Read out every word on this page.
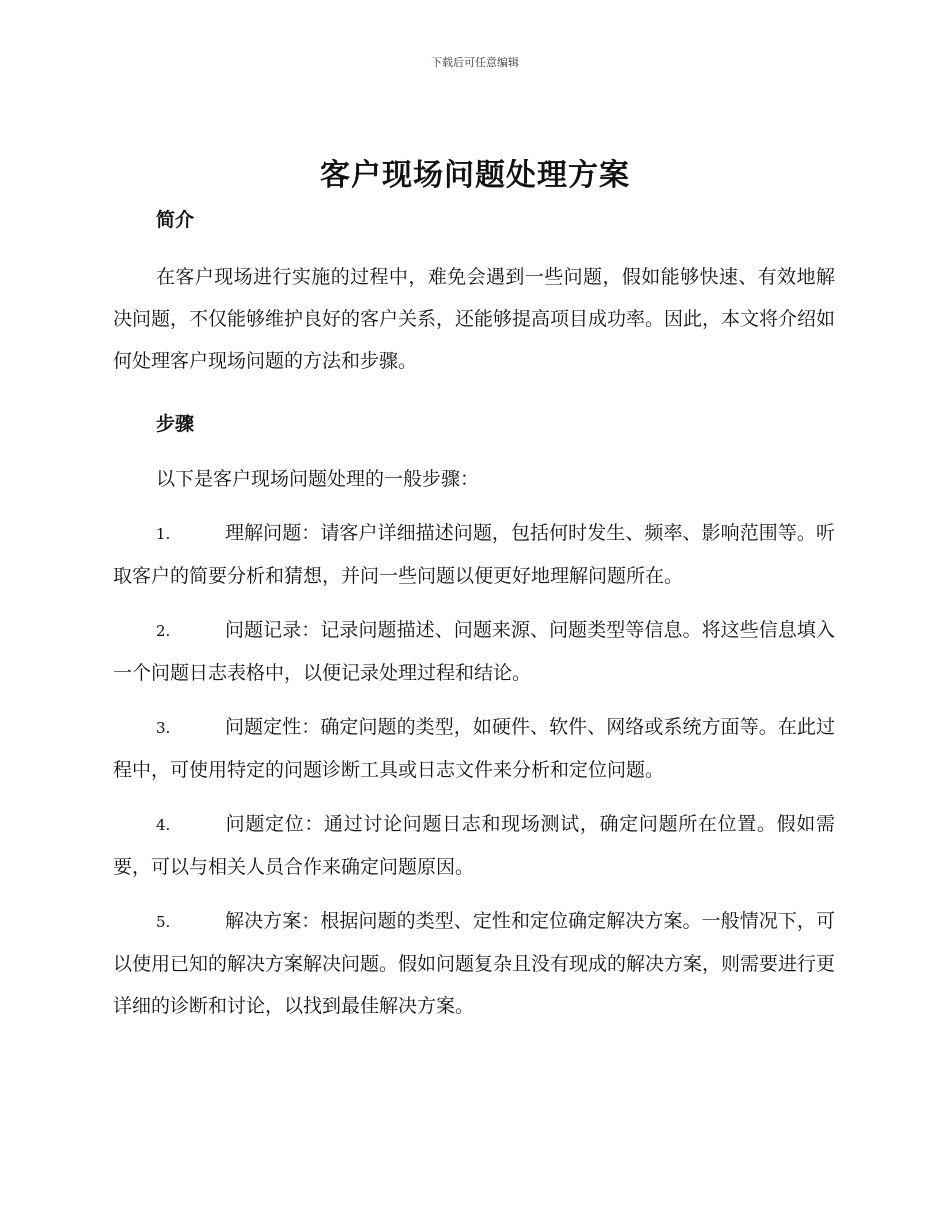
下载后可任意编辑
客户现场问题处理方案
简介
在客户现场进行实施的过程中，难免会遇到一些问题，假如能够快速、有效地解决问题，不仅能够维护良好的客户关系，还能够提高项目成功率。因此，本文将介绍如何处理客户现场问题的方法和步骤。
步骤
以下是客户现场问题处理的一般步骤：
1.	理解问题：请客户详细描述问题，包括何时发生、频率、影响范围等。听取客户的简要分析和猜想，并问一些问题以便更好地理解问题所在。
2.	问题记录：记录问题描述、问题来源、问题类型等信息。将这些信息填入一个问题日志表格中，以便记录处理过程和结论。
3.	问题定性：确定问题的类型，如硬件、软件、网络或系统方面等。在此过程中，可使用特定的问题诊断工具或日志文件来分析和定位问题。
4.	问题定位：通过讨论问题日志和现场测试，确定问题所在位置。假如需要，可以与相关人员合作来确定问题原因。
5.	解决方案：根据问题的类型、定性和定位确定解决方案。一般情况下，可以使用已知的解决方案解决问题。假如问题复杂且没有现成的解决方案，则需要进行更详细的诊断和讨论，以找到最佳解决方案。
